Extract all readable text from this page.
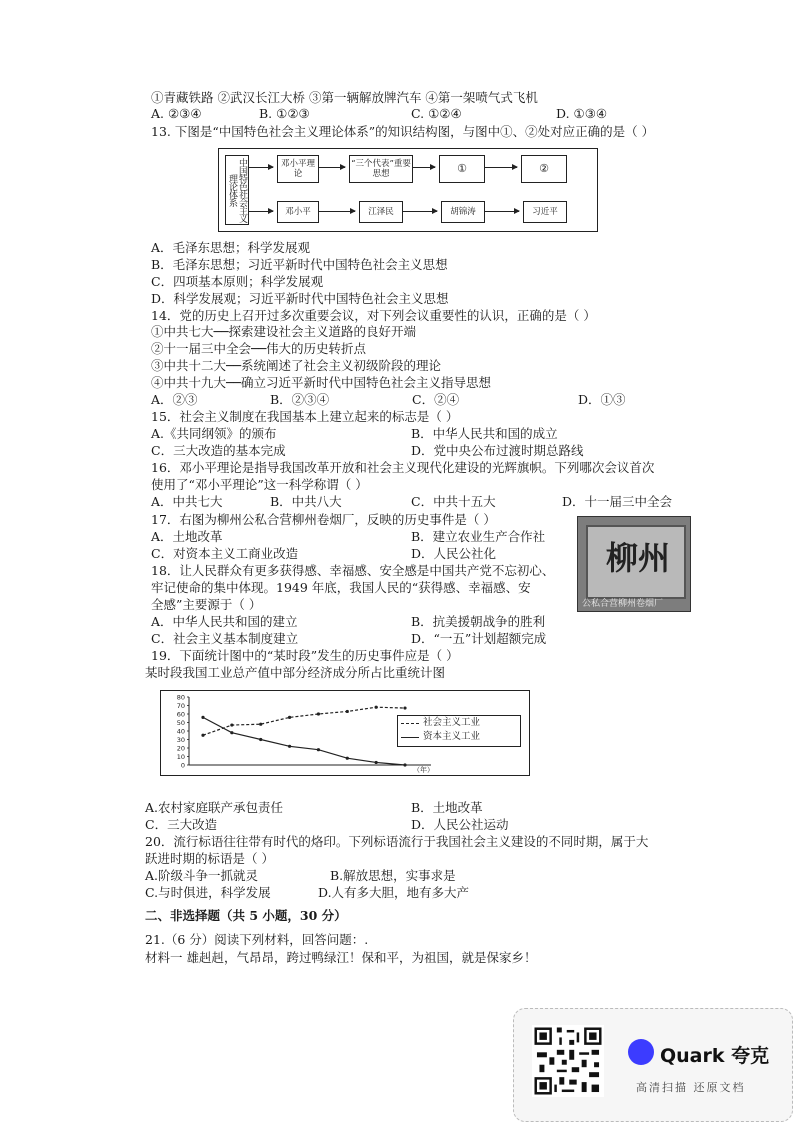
①青藏铁路 ②武汉长江大桥 ③第一辆解放牌汽车 ④第一架喷气式飞机
A. ②③④	B. ①②③	C. ①②④	D. ①③④
13. 下图是“中国特色社会主义理论体系”的知识结构图，与图中①、②处对应正确的是（ ）
中国特色社会主义理论体系
邓小平理论
“三个代表”重要思想	①	②
邓小平	江泽民	胡锦涛	习近平
A．毛泽东思想；科学发展观
B．毛泽东思想；习近平新时代中国特色社会主义思想
C．四项基本原则；科学发展观
D．科学发展观；习近平新时代中国特色社会主义思想
14．党的历史上召开过多次重要会议，对下列会议重要性的认识，正确的是（ ）
①中共七大──探索建设社会主义道路的良好开端
②十一届三中全会──伟大的历史转折点
③中共十二大──系统阐述了社会主义初级阶段的理论
④中共十九大──确立习近平新时代中国特色社会主义指导思想
A．②③	B．②③④	C．②④	D．①③
15．社会主义制度在我国基本上建立起来的标志是（ ）
A.《共同纲领》的颁布	B．中华人民共和国的成立
C．三大改造的基本完成	D．党中央公布过渡时期总路线
16．邓小平理论是指导我国改革开放和社会主义现代化建设的光辉旗帜。下列哪次会议首次
使用了“邓小平理论”这一科学称谓（ ）
A．中共七大	B．中共八大	C．中共十五大	D．十一届三中全会
17．右图为柳州公私合营柳州卷烟厂，反映的历史事件是（ ）
A．土地改革	B．建立农业生产合作社
C．对资本主义工商业改造	D．人民公社化	柳州
公私合营柳州卷烟厂
18．让人民群众有更多获得感、幸福感、安全感是中国共产党不忘初心、
牢记使命的集中体现。1949 年底，我国人民的“获得感、幸福感、安
全感”主要源于（ ）
A．中华人民共和国的建立	B．抗美援朝战争的胜利
C．社会主义基本制度建立	D．“一五”计划超额完成
19．下面统计图中的“某时段”发生的历史事件应是（ ）
某时段我国工业总产值中部分经济成分所占比重统计图
0
10
20
30
40
50
60
70
80
（年）
社会主义工业
资本主义工业
A.农村家庭联产承包责任	B．土地改革
C．三大改造	D．人民公社运动
20．流行标语往往带有时代的烙印。下列标语流行于我国社会主义建设的不同时期，属于大
跃进时期的标语是（ ）
A.阶级斗争一抓就灵	B.解放思想，实事求是
C.与时俱进，科学发展	D.人有多大胆，地有多大产
二、非选择题（共 5 小题，30 分）
21.（6 分）阅读下列材料，回答问题：.
材料一 雄赳赳，气昂昂，跨过鸭绿江！保和平，为祖国，就是保家乡！
Quark 夸克
高清扫描 还原文档
